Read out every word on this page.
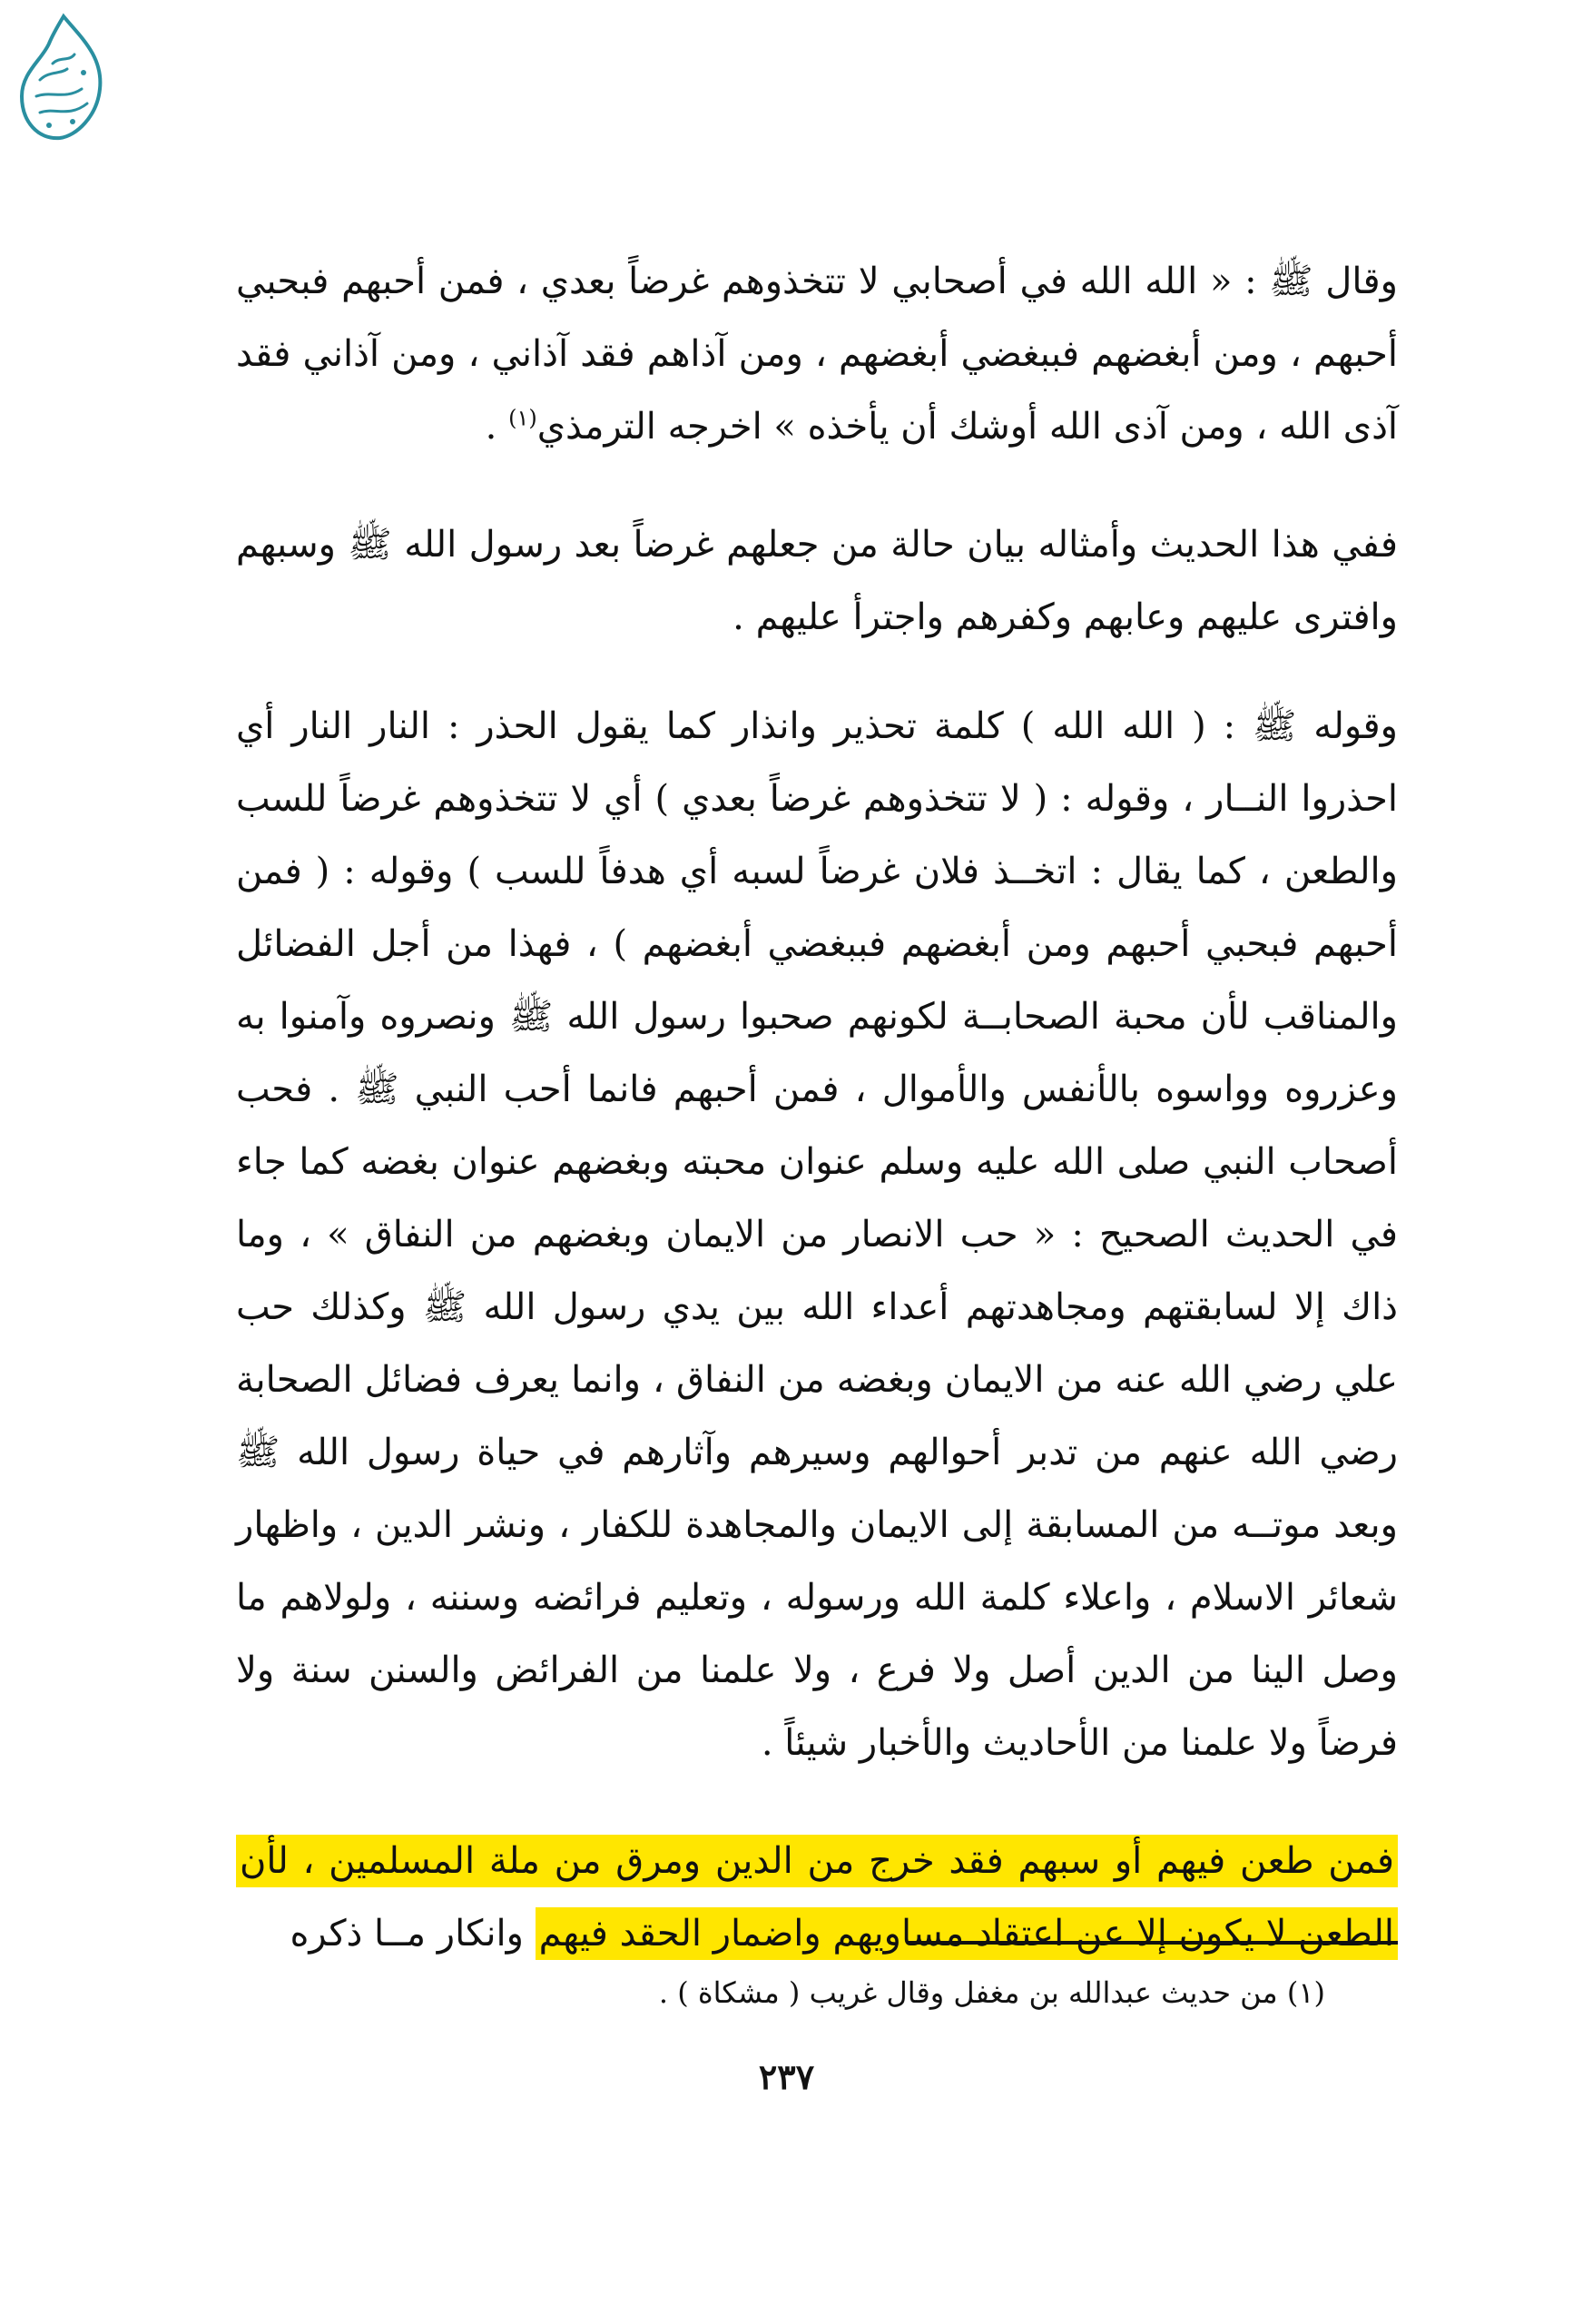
وقال ﷺ : « الله الله في أصحابي لا تتخذوهم غرضاً بعدي ، فمن أحبهم فبحبي أحبهم ، ومن أبغضهم فببغضي أبغضهم ، ومن آذاهم فقد آذاني ، ومن آذاني فقد آذى الله ، ومن آذى الله أوشك أن يأخذه » اخرجه الترمذي$^{(١)}$ .

ففي هذا الحديث وأمثاله بيان حالة من جعلهم غرضاً بعد رسول الله ﷺ وسبهم وافترى عليهم وعابهم وكفرهم واجترأ عليهم .

وقوله ﷺ : ( الله الله ) كلمة تحذير وانذار كما يقول الحذر : النار النار أي احذروا النــار ، وقوله : ( لا تتخذوهم غرضاً بعدي ) أي لا تتخذوهم غرضاً للسب والطعن ، كما يقال : اتخــذ فلان غرضاً لسبه أي هدفاً للسب ) وقوله : ( فمن أحبهم فبحبي أحبهم ومن أبغضهم فببغضي أبغضهم ) ، فهذا من أجل الفضائل والمناقب لأن محبة الصحابــة لكونهم صحبوا رسول الله ﷺ ونصروه وآمنوا به وعزروه وواسوه بالأنفس والأموال ، فمن أحبهم فانما أحب النبي ﷺ . فحب أصحاب النبي صلى الله عليه وسلم عنوان محبته وبغضهم عنوان بغضه كما جاء في الحديث الصحيح : « حب الانصار من الايمان وبغضهم من النفاق » ، وما ذاك إلا لسابقتهم ومجاهدتهم أعداء الله بين يدي رسول الله ﷺ وكذلك حب علي رضي الله عنه من الايمان وبغضه من النفاق ، وانما يعرف فضائل الصحابة رضي الله عنهم من تدبر أحوالهم وسيرهم وآثارهم في حياة رسول الله ﷺ وبعد موتــه من المسابقة إلى الايمان والمجاهدة للكفار ، ونشر الدين ، واظهار شعائر الاسلام ، واعلاء كلمة الله ورسوله ، وتعليم فرائضه وسننه ، ولولاهم ما وصل الينا من الدين أصل ولا فرع ، ولا علمنا من الفرائض والسنن سنة ولا فرضاً ولا علمنا من الأحاديث والأخبار شيئاً .

فمن طعن فيهم أو سبهم فقد خرج من الدين ومرق من ملة المسلمين ، لأن الطعن لا يكون إلا عن اعتقاد مساويهم واضمار الحقد فيهم وانكار مــا ذكره

(١) من حديث عبدالله بن مغفل وقال غريب ( مشكاة ) .
٢٣٧
